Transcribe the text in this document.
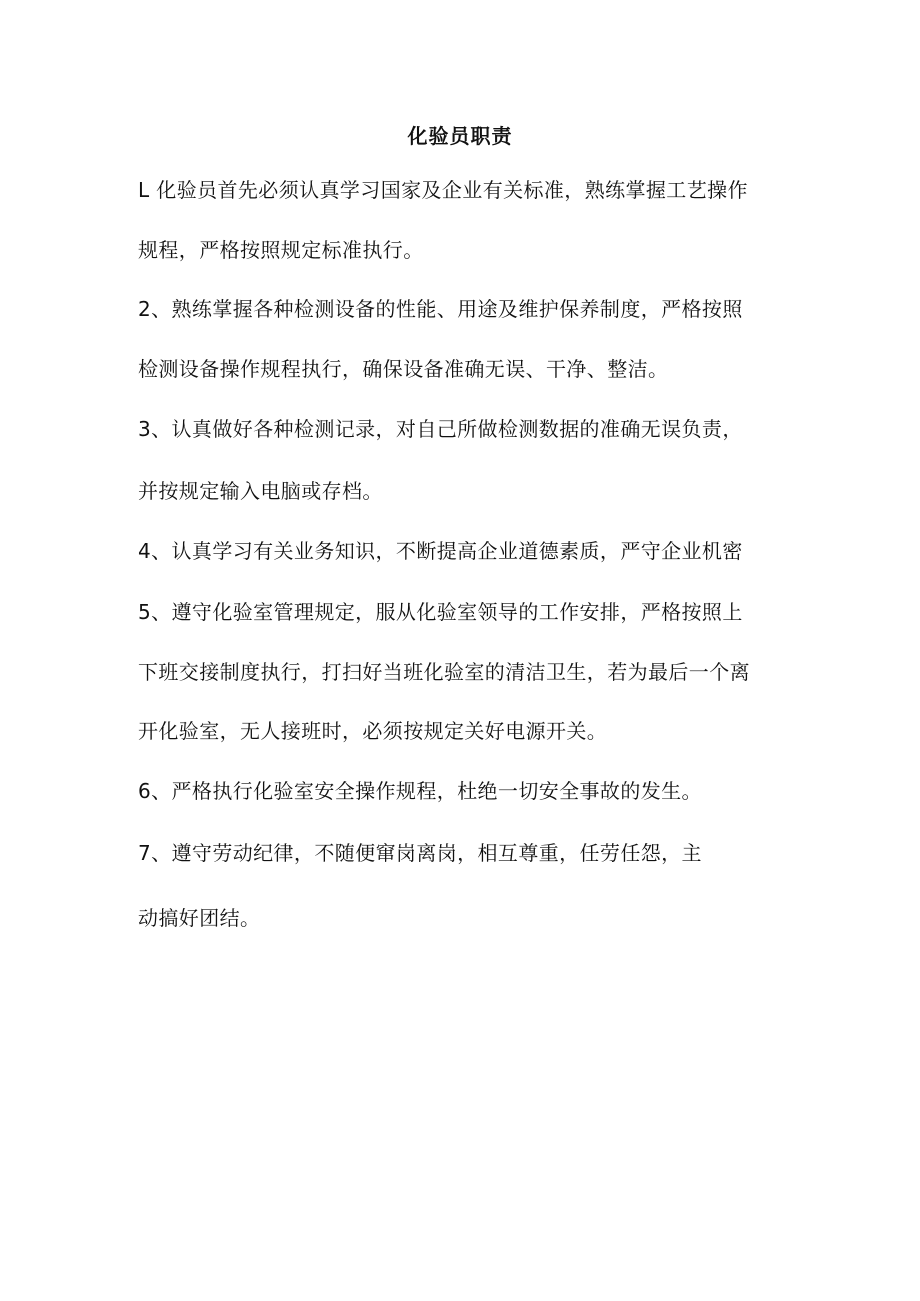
化验员职责
L 化验员首先必须认真学习国家及企业有关标准，熟练掌握工艺操作
规程，严格按照规定标准执行。
2、熟练掌握各种检测设备的性能、用途及维护保养制度，严格按照
检测设备操作规程执行，确保设备准确无误、干净、整洁。
3、认真做好各种检测记录，对自己所做检测数据的准确无误负责，
并按规定输入电脑或存档。
4、认真学习有关业务知识，不断提高企业道德素质，严守企业机密
5、遵守化验室管理规定，服从化验室领导的工作安排，严格按照上
下班交接制度执行，打扫好当班化验室的清洁卫生，若为最后一个离
开化验室，无人接班时，必须按规定关好电源开关。
6、严格执行化验室安全操作规程，杜绝一切安全事故的发生。
7、遵守劳动纪律，不随便窜岗离岗，相互尊重，任劳任怨，主
动搞好团结。
